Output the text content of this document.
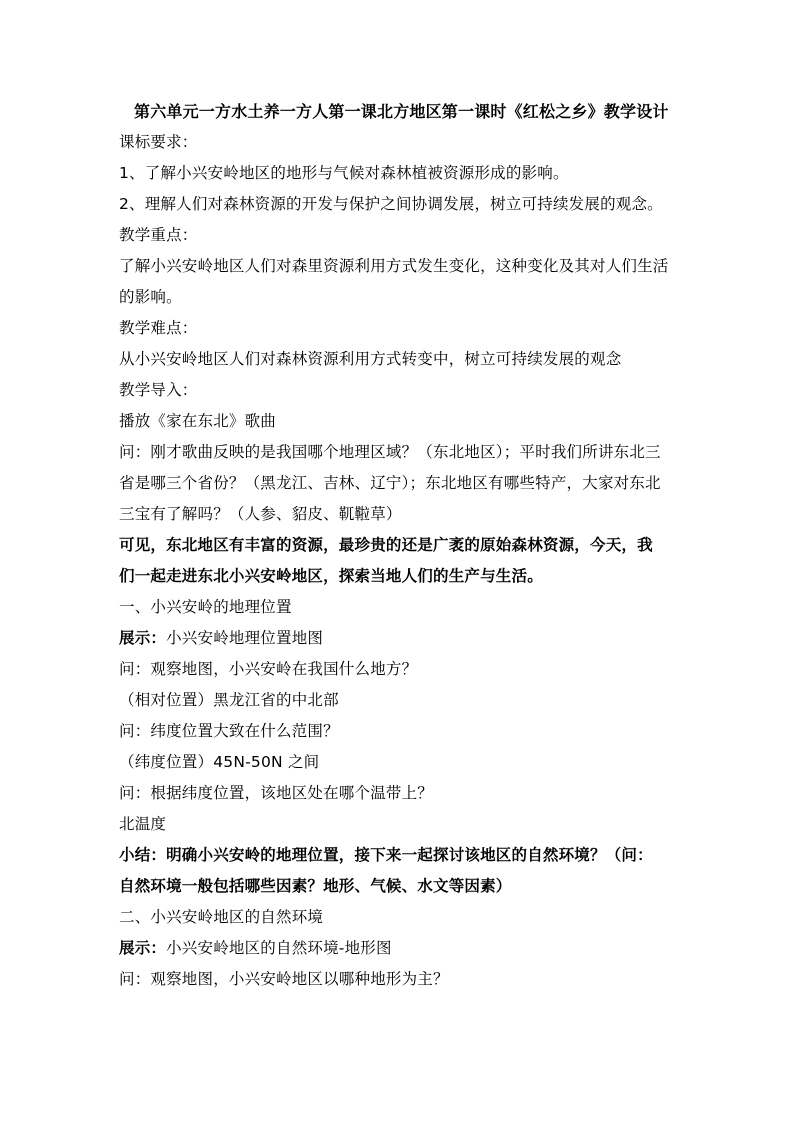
第六单元一方水土养一方人第一课北方地区第一课时《红松之乡》教学设计
课标要求：
1、了解小兴安岭地区的地形与气候对森林植被资源形成的影响。
2、理解人们对森林资源的开发与保护之间协调发展，树立可持续发展的观念。
教学重点：
了解小兴安岭地区人们对森里资源利用方式发生变化，这种变化及其对人们生活
的影响。
教学难点：
从小兴安岭地区人们对森林资源利用方式转变中，树立可持续发展的观念
教学导入：
播放《家在东北》歌曲
问：刚才歌曲反映的是我国哪个地理区域？（东北地区）；平时我们所讲东北三
省是哪三个省份？（黑龙江、吉林、辽宁）；东北地区有哪些特产，大家对东北
三宝有了解吗？（人参、貂皮、靰鞡草）
可见，东北地区有丰富的资源，最珍贵的还是广袤的原始森林资源，今天，我
们一起走进东北小兴安岭地区，探索当地人们的生产与生活。
一、小兴安岭的地理位置
展示：小兴安岭地理位置地图
问：观察地图，小兴安岭在我国什么地方？
（相对位置）黑龙江省的中北部
问：纬度位置大致在什么范围？
（纬度位置）45N-50N 之间
问：根据纬度位置，该地区处在哪个温带上？
北温度
小结：明确小兴安岭的地理位置，接下来一起探讨该地区的自然环境？（问：
自然环境一般包括哪些因素？地形、气候、水文等因素）
二、小兴安岭地区的自然环境
展示：小兴安岭地区的自然环境-地形图
问：观察地图，小兴安岭地区以哪种地形为主？
